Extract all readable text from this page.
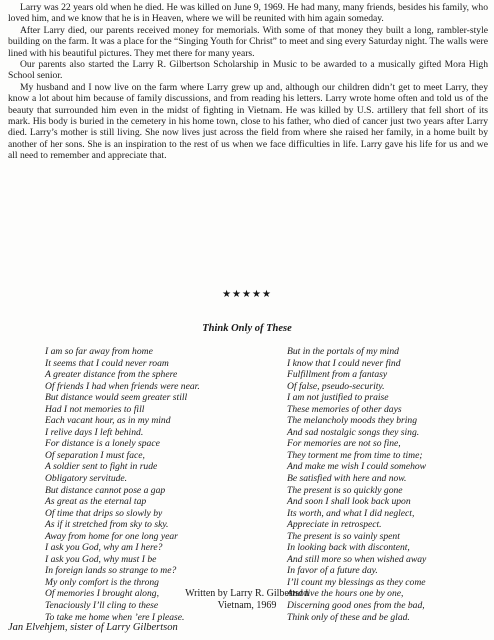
Larry was 22 years old when he died. He was killed on June 9, 1969. He had many, many friends, besides his family, who loved him, and we know that he is in Heaven, where we will be reunited with him again someday.

After Larry died, our parents received money for memorials. With some of that money they built a long, rambler-style building on the farm. It was a place for the “Singing Youth for Christ” to meet and sing every Saturday night. The walls were lined with his beautiful pictures. They met there for many years.

Our parents also started the Larry R. Gilbertson Scholarship in Music to be awarded to a musically gifted Mora High School senior.

My husband and I now live on the farm where Larry grew up and, although our children didn’t get to meet Larry, they know a lot about him because of family discussions, and from reading his letters. Larry wrote home often and told us of the beauty that surrounded him even in the midst of fighting in Vietnam. He was killed by U.S. artillery that fell short of its mark. His body is buried in the cemetery in his home town, close to his father, who died of cancer just two years after Larry died. Larry’s mother is still living. She now lives just across the field from where she raised her family, in a home built by another of her sons. She is an inspiration to the rest of us when we face difficulties in life. Larry gave his life for us and we all need to remember and appreciate that.

★★★★★
Think Only of These
I am so far away from home
It seems that I could never roam
A greater distance from the sphere
Of friends I had when friends were near.
But distance would seem greater still
Had I not memories to fill
Each vacant hour, as in my mind
I relive days I left behind.
For distance is a lonely space
Of separation I must face,
A soldier sent to fight in rude
Obligatory servitude.
But distance cannot pose a gap
As great as the eternal tap
Of time that drips so slowly by
As if it stretched from sky to sky.
Away from home for one long year
I ask you God, why am I here?
I ask you God, why must I be
In foreign lands so strange to me?
My only comfort is the throng
Of memories I brought along,
Tenaciously I’ll cling to these
To take me home when ’ere I please.
But in the portals of my mind
I know that I could never find
Fulfillment from a fantasy
Of false, pseudo-security.
I am not justified to praise
These memories of other days
The melancholy moods they bring
And sad nostalgic songs they sing.
For memories are not so fine,
They torment me from time to time;
And make me wish I could somehow
Be satisfied with here and now.
The present is so quickly gone
And soon I shall look back upon
Its worth, and what I did neglect,
Appreciate in retrospect.
The present is so vainly spent
In looking back with discontent,
And still more so when wished away
In favor of a future day.
I’ll count my blessings as they come
And live the hours one by one,
Discerning good ones from the bad,
Think only of these and be glad.
Written by Larry R. Gilbertson
Vietnam, 1969
Jan Elvehjem, sister of Larry Gilbertson
